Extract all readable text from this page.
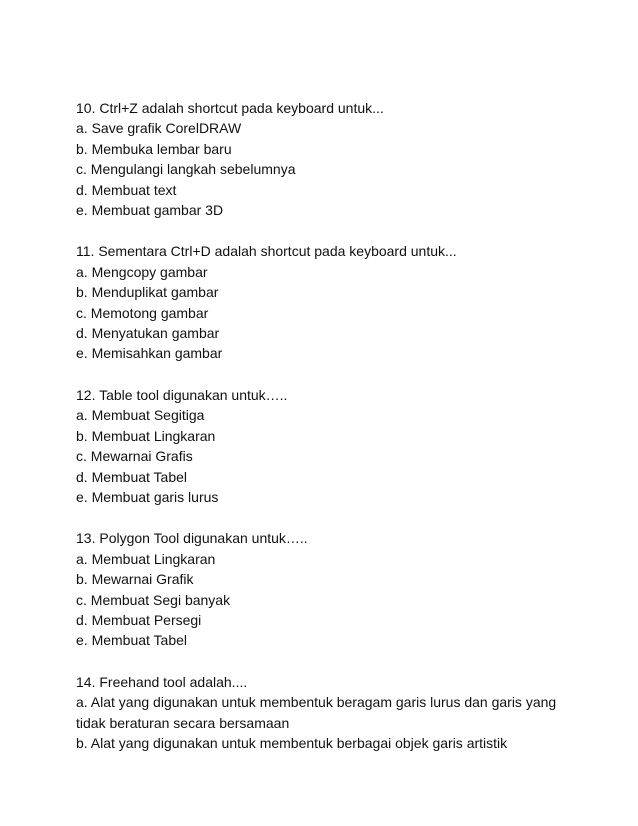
10. Ctrl+Z adalah shortcut pada keyboard untuk...

a. Save grafik CorelDRAW

b. Membuka lembar baru

c. Mengulangi langkah sebelumnya

d. Membuat text

e. Membuat gambar 3D

11. Sementara Ctrl+D adalah shortcut pada keyboard untuk...

a. Mengcopy gambar

b. Menduplikat gambar

c. Memotong gambar

d. Menyatukan gambar

e. Memisahkan gambar

12. Table tool digunakan untuk…..

a. Membuat Segitiga

b. Membuat Lingkaran

c. Mewarnai Grafis

d. Membuat Tabel

e. Membuat garis lurus

13. Polygon Tool digunakan untuk…..

a. Membuat Lingkaran

b. Mewarnai Grafik

c. Membuat Segi banyak

d. Membuat Persegi

e. Membuat Tabel

14. Freehand tool adalah....

a. Alat yang digunakan untuk membentuk beragam garis lurus dan garis yang tidak beraturan secara bersamaan

b. Alat yang digunakan untuk membentuk berbagai objek garis artistik
